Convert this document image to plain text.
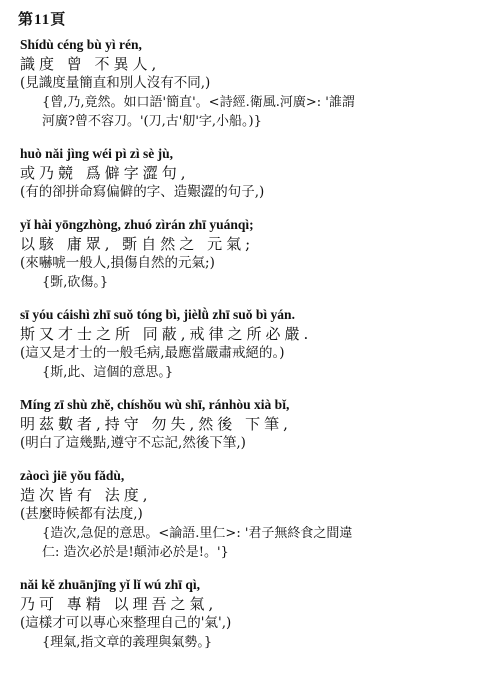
第11頁
Shídù céng bù yì rén,
識度 曾 不異人,
(見識度量簡直和別人沒有不同,)
{曾,乃,竟然。如口語'簡直'。<詩經.衛風.河廣>: '誰謂
河廣?曾不容刀。'(刀,古'舠'字,小船。)}
huò nǎi jìng wéi pì zì sè jù,
或乃競 爲僻字澀句,
(有的卻拼命寫偏僻的字、造艱澀的句子,)
yǐ hài yōngzhòng, zhuó zìrán zhī yuánqì;
以駭 庸眾, 斲自然之 元氣;
(來嚇唬一般人,損傷自然的元氣;)
{斲,砍傷。}
sī yóu cáishì zhī suǒ tóng bì, jièlǜ zhī suǒ bì yán.
斯又才士之所 同蔽,戒律之所必嚴.
(這又是才士的一般毛病,最應當嚴肅戒絕的。)
{斯,此、這個的意思。}
Míng zī shù zhě, chíshǒu wù shī, ránhòu xià bǐ,
明茲數者,持守 勿失,然後 下筆,
(明白了這幾點,遵守不忘記,然後下筆,)
zàocì jiē yǒu fǎdù,
造次皆有 法度,
(甚麼時候都有法度,)
{造次,急促的意思。<論語.里仁>: '君子無終食之間違
仁: 造次必於是!顛沛必於是!。'}
nǎi kě zhuānjīng yǐ lǐ wú zhī qì,
乃可 專精 以理吾之氣,
(這樣才可以專心來整理自己的'氣',)
{理氣,指文章的義理與氣勢。}
